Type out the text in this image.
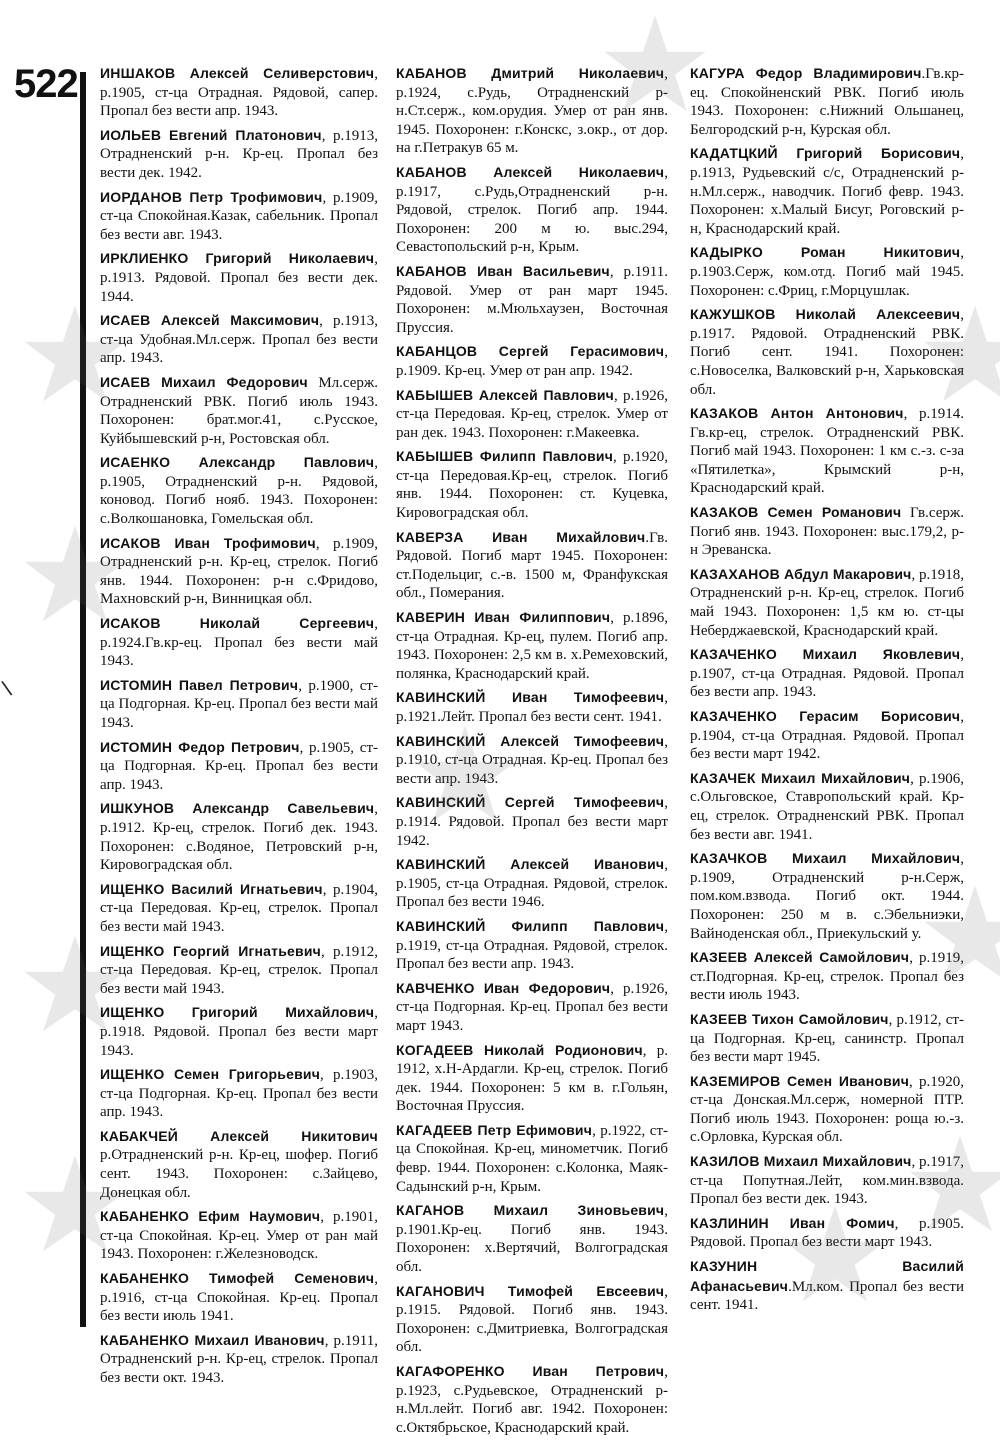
522
\
ИНШАКОВ Алексей Селиверстович, р.1905, ст-ца Отрадная. Рядовой, сапер. Пропал без вести апр. 1943.
ИОЛЬЕВ Евгений Платонович, р.1913, Отрадненский р-н. Кр-ец. Пропал без вести дек. 1942.
ИОРДАНОВ Петр Трофимович, р.1909, ст-ца Спокойная.Казак, сабельник. Пропал без вести авг. 1943.
ИРКЛИЕНКО Григорий Николаевич, р.1913. Рядовой. Пропал без вести дек. 1944.
ИСАЕВ Алексей Максимович, р.1913, ст-ца Удобная.Мл.серж. Пропал без вести апр. 1943.
ИСАЕВ Михаил Федорович Мл.серж. Отрадненский РВК. Погиб июль 1943. Похоронен: брат.мог.41, с.Русское, Куйбышевский р-н, Ростовская обл.
ИСАЕНКО Александр Павлович, р.1905, Отрадненский р-н. Рядовой, коновод. Погиб нояб. 1943. Похоронен: с.Волкошановка, Гомельская обл.
ИСАКОВ Иван Трофимович, р.1909, Отрадненский р-н. Кр-ец, стрелок. Погиб янв. 1944. Похоронен: р-н с.Фридово, Махновский р-н, Винницкая обл.
ИСАКОВ Николай Сергеевич, р.1924.Гв.кр-ец. Пропал без вести май 1943.
ИСТОМИН Павел Петрович, р.1900, ст-ца Подгорная. Кр-ец. Пропал без вести май 1943.
ИСТОМИН Федор Петрович, р.1905, ст-ца Подгорная. Кр-ец. Пропал без вести апр. 1943.
ИШКУНОВ Александр Савельевич, р.1912. Кр-ец, стрелок. Погиб дек. 1943. Похоронен: с.Водяное, Петровский р-н, Кировоградская обл.
ИЩЕНКО Василий Игнатьевич, р.1904, ст-ца Передовая. Кр-ец, стрелок. Пропал без вести май 1943.
ИЩЕНКО Георгий Игнатьевич, р.1912, ст-ца Передовая. Кр-ец, стрелок. Пропал без вести май 1943.
ИЩЕНКО Григорий Михайлович, р.1918. Рядовой. Пропал без вести март 1943.
ИЩЕНКО Семен Григорьевич, р.1903, ст-ца Подгорная. Кр-ец. Пропал без вести апр. 1943.
КАБАКЧЕЙ Алексей Никитович р.Отрадненский р-н. Кр-ец, шофер. Погиб сент. 1943. Похоронен: с.Зайцево, Донецкая обл.
КАБАНЕНКО Ефим Наумович, р.1901, ст-ца Спокойная. Кр-ец. Умер от ран май 1943. Похоронен: г.Железноводск.
КАБАНЕНКО Тимофей Семенович, р.1916, ст-ца Спокойная. Кр-ец. Пропал без вести июль 1941.
КАБАНЕНКО Михаил Иванович, р.1911, Отрадненский р-н. Кр-ец, стрелок. Пропал без вести окт. 1943.
КАБАНОВ Дмитрий Николаевич, р.1924, с.Рудь, Отрадненский р-н.Ст.серж., ком.орудия. Умер от ран янв. 1945. Похоронен: г.Конскс, з.окр., от дор. на г.Петракув 65 м.
КАБАНОВ Алексей Николаевич, р.1917, с.Рудь,Отрадненский р-н. Рядовой, стрелок. Погиб апр. 1944. Похоронен: 200 м ю. выс.294, Севастопольский р-н, Крым.
КАБАНОВ Иван Васильевич, р.1911. Рядовой. Умер от ран март 1945. Похоронен: м.Мюльхаузен, Восточная Пруссия.
КАБАНЦОВ Сергей Герасимович, р.1909. Кр-ец. Умер от ран апр. 1942.
КАБЫШЕВ Алексей Павлович, р.1926, ст-ца Передовая. Кр-ец, стрелок. Умер от ран дек. 1943. Похоронен: г.Макеевка.
КАБЫШЕВ Филипп Павлович, р.1920, ст-ца Передовая.Кр-ец, стрелок. Погиб янв. 1944. Похоронен: ст. Куцевка, Кировоградская обл.
КАВЕРЗА Иван Михайлович.Гв. Рядовой. Погиб март 1945. Похоронен: ст.Подельциг, с.-в. 1500 м, Франфукская обл., Померания.
КАВЕРИН Иван Филиппович, р.1896, ст-ца Отрадная. Кр-ец, пулем. Погиб апр. 1943. Похоронен: 2,5 км в. х.Ремеховский, полянка, Краснодарский край.
КАВИНСКИЙ Иван Тимофеевич, р.1921.Лейт. Пропал без вести сент. 1941.
КАВИНСКИЙ Алексей Тимофеевич, р.1910, ст-ца Отрадная. Кр-ец. Пропал без вести апр. 1943.
КАВИНСКИЙ Сергей Тимофеевич, р.1914. Рядовой. Пропал без вести март 1942.
КАВИНСКИЙ Алексей Иванович, р.1905, ст-ца Отрадная. Рядовой, стрелок. Пропал без вести 1946.
КАВИНСКИЙ Филипп Павлович, р.1919, ст-ца Отрадная. Рядовой, стрелок. Пропал без вести апр. 1943.
КАВЧЕНКО Иван Федорович, р.1926, ст-ца Подгорная. Кр-ец. Пропал без вести март 1943.
КОГАДЕЕВ Николай Родионович, р. 1912, х.Н-Ардагли. Кр-ец, стрелок. Погиб дек. 1944. Похоронен: 5 км в. г.Гольян, Восточная Пруссия.
КАГАДЕЕВ Петр Ефимович, р.1922, ст-ца Спокойная. Кр-ец, минометчик. Погиб февр. 1944. Похоронен: с.Колонка, Маяк-Садынский р-н, Крым.
КАГАНОВ Михаил Зиновьевич, р.1901.Кр-ец. Погиб янв. 1943. Похоронен: х.Вертячий, Волгоградская обл.
КАГАНОВИЧ Тимофей Евсеевич, р.1915. Рядовой. Погиб янв. 1943. Похоронен: с.Дмитриевка, Волгоградская обл.
КАГАФОРЕНКО Иван Петрович, р.1923, с.Рудьевское, Отрадненский р-н.Мл.лейт. Погиб авг. 1942. Похоронен: с.Октябрьское, Краснодарский край.
КАГУРА Федор Владимирович.Гв.кр-ец. Спокойненский РВК. Погиб июль 1943. Похоронен: с.Нижний Ольшанец, Белгородский р-н, Курская обл.
КАДАТЦКИЙ Григорий Борисович, р.1913, Рудьевский с/с, Отрадненский р-н.Мл.серж., наводчик. Погиб февр. 1943. Похоронен: х.Малый Бисуг, Роговский р-н, Краснодарский край.
КАДЫРКО Роман Никитович, р.1903.Серж, ком.отд. Погиб май 1945. Похоронен: с.Фриц, г.Морцушлак.
КАЖУШКОВ Николай Алексеевич, р.1917. Рядовой. Отрадненский РВК. Погиб сент. 1941. Похоронен: с.Новоселка, Валковский р-н, Харьковская обл.
КАЗАКОВ Антон Антонович, р.1914. Гв.кр-ец, стрелок. Отрадненский РВК. Погиб май 1943. Похоронен: 1 км с.-з. с-за «Пятилетка», Крымский р-н, Краснодарский край.
КАЗАКОВ Семен Романович Гв.серж. Погиб янв. 1943. Похоронен: выс.179,2, р-н Эреванска.
КАЗАХАНОВ Абдул Макарович, р.1918, Отрадненский р-н. Кр-ец, стрелок. Погиб май 1943. Похоронен: 1,5 км ю. ст-цы Неберджаевской, Краснодарский край.
КАЗАЧЕНКО Михаил Яковлевич, р.1907, ст-ца Отрадная. Рядовой. Пропал без вести апр. 1943.
КАЗАЧЕНКО Герасим Борисович, р.1904, ст-ца Отрадная. Рядовой. Пропал без вести март 1942.
КАЗАЧЕК Михаил Михайлович, р.1906, с.Ольговское, Ставропольский край. Кр-ец, стрелок. Отрадненский РВК. Пропал без вести авг. 1941.
КАЗАЧКОВ Михаил Михайлович, р.1909, Отрадненский р-н.Серж, пом.ком.взвода. Погиб окт. 1944. Похоронен: 250 м в. с.Эбельниэки, Вайноденская обл., Приекульский у.
КАЗЕЕВ Алексей Самойлович, р.1919, ст.Подгорная. Кр-ец, стрелок. Пропал без вести июль 1943.
КАЗЕЕВ Тихон Самойлович, р.1912, ст-ца Подгорная. Кр-ец, санинстр. Пропал без вести март 1945.
КАЗЕМИРОВ Семен Иванович, р.1920, ст-ца Донская.Мл.серж, номерной ПТР. Погиб июль 1943. Похоронен: роща ю.-з. с.Орловка, Курская обл.
КАЗИЛОВ Михаил Михайлович, р.1917, ст-ца Попутная.Лейт, ком.мин.взвода. Пропал без вести дек. 1943.
КАЗЛИНИН Иван Фомич, р.1905. Рядовой. Пропал без вести март 1943.
КАЗУНИН Василий Афанасьевич.Мл.ком. Пропал без вести сент. 1941.
